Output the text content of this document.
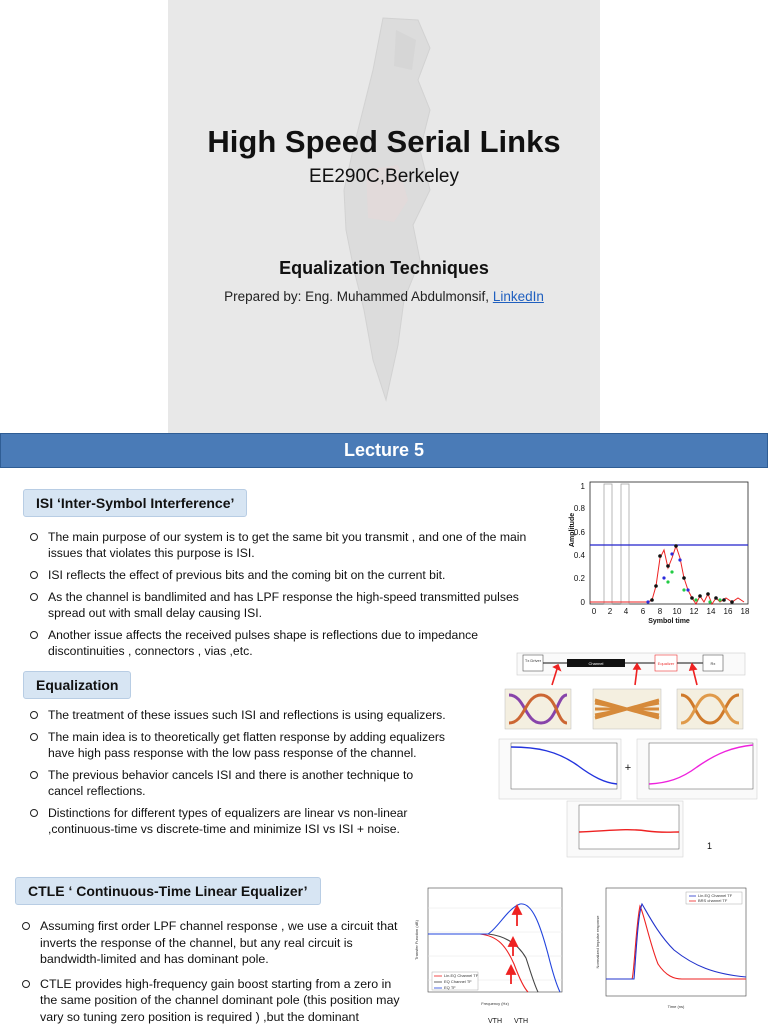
High Speed Serial Links
EE290C,Berkeley
Equalization Techniques
Prepared by: Eng. Muhammed Abdulmonsif, LinkedIn
Lecture 5
ISI ‘Inter-Symbol Interference’
The main purpose of our system is to get the same bit you transmit , and one of the main issues that violates this purpose is ISI.
ISI reflects the effect of previous bits and the coming bit on the current bit.
As the channel is bandlimited and has LPF response the high-speed transmitted pulses spread out with small delay causing ISI.
Another issue affects the received pulses shape is reflections due to impedance discontinuities , connectors , vias ,etc.
Amplitude
1
0.8
0.6
0.4
0.2
0
0 2 4 6 8 10 12 14 16 18
Symbol time
Equalization
The treatment of these issues such ISI and reflections is using equalizers.
The main idea is to theoretically get flatten response by adding equalizers have high pass response with the low pass response of the channel.
The previous behavior cancels ISI and there is another technique to cancel reflections.
Distinctions for different types of equalizers are linear vs non-linear ,continuous-time vs discrete-time and minimize ISI vs ISI + noise.
Tx Driver
Channel	Equalizer	Rx
+
1
CTLE ‘ Continuous-Time Linear Equalizer’
Assuming first order LPF channel response , we use a circuit that inverts the response of the channel, but any real circuit is bandwidth-limited and has dominant pole.
CTLE provides high-frequency gain boost starting from a zero in the same position of the channel dominant pole (this position may vary so tuning zero position is required ) ,but the dominant
Lin.EQ Channel TF
EQ Channel TF
EQ TF
Frequency (Hz)
Transfer Function (dB)
VTH VTH
Lin.EQ Channel TF
BRS channel TF
Time (ns)
Normalized Impulse response
